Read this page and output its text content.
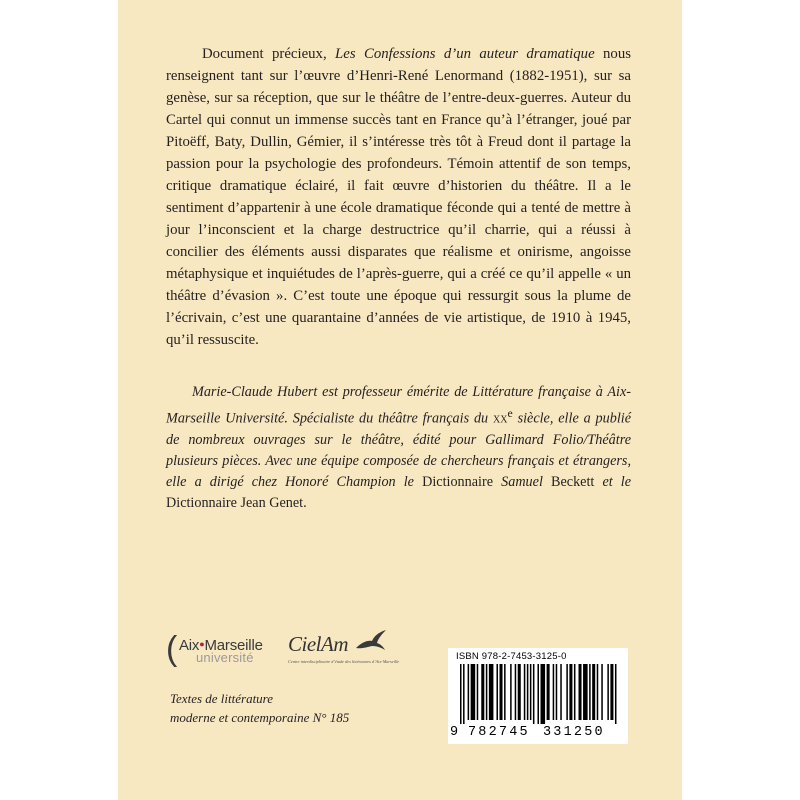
Document précieux, Les Confessions d’un auteur dramatique nous renseignent tant sur l’œuvre d’Henri-René Lenormand (1882-1951), sur sa genèse, sur sa réception, que sur le théâtre de l’entre-deux-guerres. Auteur du Cartel qui connut un immense succès tant en France qu’à l’étranger, joué par Pitoëff, Baty, Dullin, Gémier, il s’intéresse très tôt à Freud dont il partage la passion pour la psychologie des profondeurs. Témoin attentif de son temps, critique dramatique éclairé, il fait œuvre d’historien du théâtre. Il a le sentiment d’appartenir à une école dramatique féconde qui a tenté de mettre à jour l’inconscient et la charge destructrice qu’il charrie, qui a réussi à concilier des éléments aussi disparates que réalisme et onirisme, angoisse métaphysique et inquiétudes de l’après-guerre, qui a créé ce qu’il appelle « un théâtre d’évasion ». C’est toute une époque qui ressurgit sous la plume de l’écrivain, c’est une quarantaine d’années de vie artistique, de 1910 à 1945, qu’il ressuscite.

Marie-Claude Hubert est professeur émérite de Littérature française à Aix-Marseille Université. Spécialiste du théâtre français du $xx^e$ siècle, elle a publié de nombreux ouvrages sur le théâtre, édité pour Gallimard Folio/Théâtre plusieurs pièces. Avec une équipe composée de chercheurs français et étrangers, elle a dirigé chez Honoré Champion le Dictionnaire Samuel Beckett et le Dictionnaire Jean Genet.

( Aix●Marseille
université
CielAm
Centre interdisciplinaire d’étude des littératures d’Aix-Marseille
Textes de littérature
moderne et contemporaine N° 185
ISBN 978-2-7453-3125-0
9 782745 331250
